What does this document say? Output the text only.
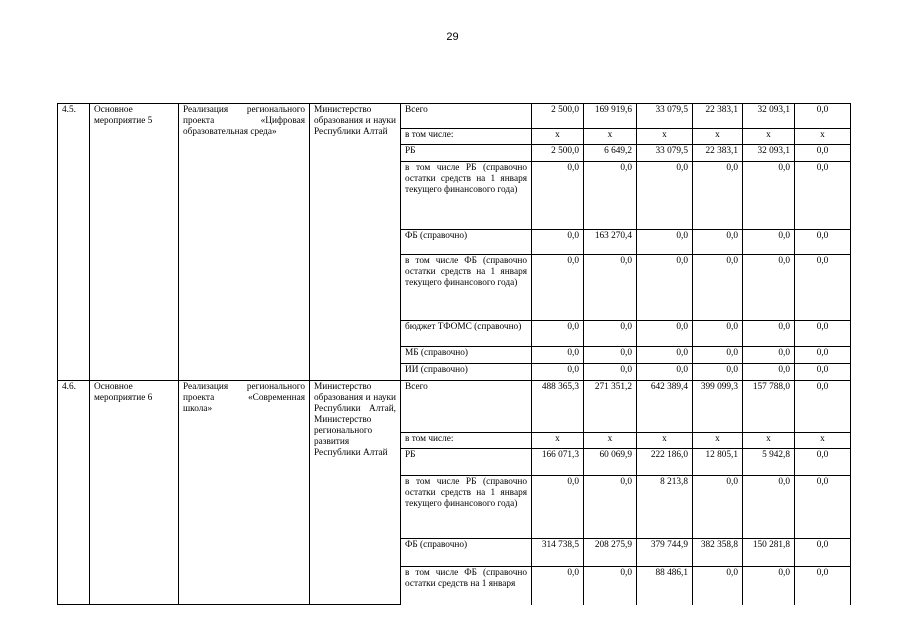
29
4.5.	Основное мероприятие 5	Реализация регионального проекта «Цифровая образовательная среда»	Министерство образования и науки Республики Алтай	Всего	2 500,0	169 919,6	33 079,5	22 383,1	32 093,1	0,0
				в том числе:	х	х	х	х	х	х
				РБ	2 500,0	6 649,2	33 079,5	22 383,1	32 093,1	0,0
				в том числе РБ (справочно остатки средств на 1 января текущего финансового года)	0,0	0,0	0,0	0,0	0,0	0,0
				ФБ (справочно)	0,0	163 270,4	0,0	0,0	0,0	0,0
				в том числе ФБ (справочно остатки средств на 1 января текущего финансового года)	0,0	0,0	0,0	0,0	0,0	0,0
				бюджет ТФОМС (справочно)	0,0	0,0	0,0	0,0	0,0	0,0
				МБ (справочно)	0,0	0,0	0,0	0,0	0,0	0,0
				ИИ (справочно)	0,0	0,0	0,0	0,0	0,0	0,0
4.6.	Основное мероприятие 6	Реализация регионального проекта «Современная школа»	Министерство образования и науки Республики Алтай, Министерство регионального развития Республики Алтай	Всего	488 365,3	271 351,2	642 389,4	399 099,3	157 788,0	0,0
				в том числе:	х	х	х	х	х	х
				РБ	166 071,3	60 069,9	222 186,0	12 805,1	5 942,8	0,0
				в том числе РБ (справочно остатки средств на 1 января текущего финансового года)	0,0	0,0	8 213,8	0,0	0,0	0,0
				ФБ (справочно)	314 738,5	208 275,9	379 744,9	382 358,8	150 281,8	0,0
				в том числе ФБ (справочно остатки средств на 1 января	0,0	0,0	88 486,1	0,0	0,0	0,0
